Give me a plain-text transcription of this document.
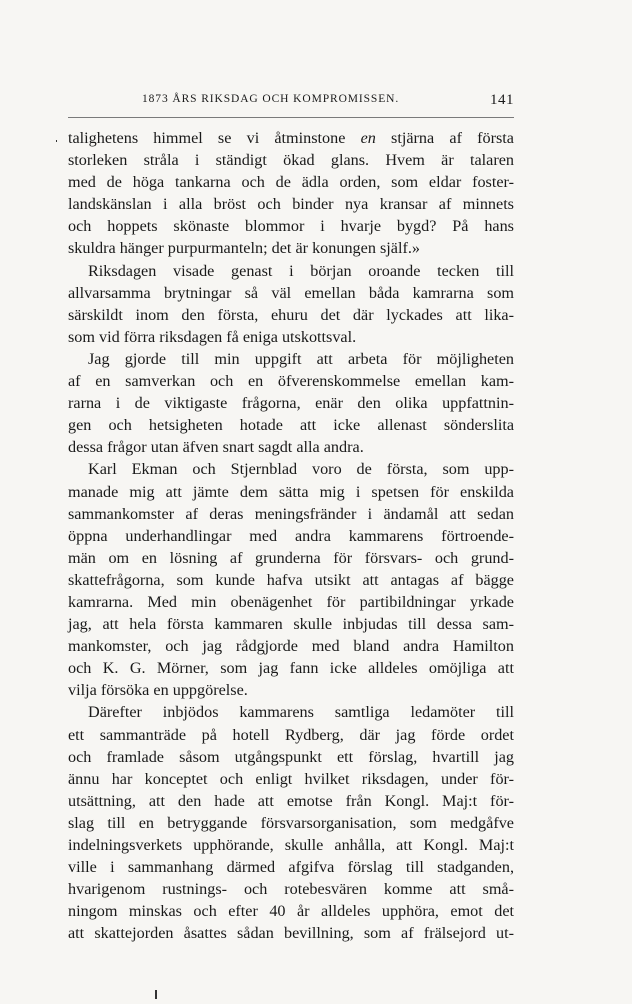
1873 ÅRS RIKSDAG OCH KOMPROMISSEN.	141
talighetens himmel se vi åtminstone en stjärna af första
storleken stråla i ständigt ökad glans. Hvem är talaren
med de höga tankarna och de ädla orden, som eldar foster-
landskänslan i alla bröst och binder nya kransar af minnets
och hoppets skönaste blommor i hvarje bygd? På hans
skuldra hänger purpurmanteln; det är konungen själf.»
Riksdagen visade genast i början oroande tecken till
allvarsamma brytningar så väl emellan båda kamrarna som
särskildt inom den första, ehuru det där lyckades att lika-
som vid förra riksdagen få eniga utskottsval.
Jag gjorde till min uppgift att arbeta för möjligheten
af en samverkan och en öfverenskommelse emellan kam-
rarna i de viktigaste frågorna, enär den olika uppfattnin-
gen och hetsigheten hotade att icke allenast sönderslita
dessa frågor utan äfven snart sagdt alla andra.
Karl Ekman och Stjernblad voro de första, som upp-
manade mig att jämte dem sätta mig i spetsen för enskilda
sammankomster af deras meningsfränder i ändamål att sedan
öppna underhandlingar med andra kammarens förtroende-
män om en lösning af grunderna för försvars- och grund-
skattefrågorna, som kunde hafva utsikt att antagas af bägge
kamrarna. Med min obenägenhet för partibildningar yrkade
jag, att hela första kammaren skulle inbjudas till dessa sam-
mankomster, och jag rådgjorde med bland andra Hamilton
och K. G. Mörner, som jag fann icke alldeles omöjliga att
vilja försöka en uppgörelse.
Därefter inbjödos kammarens samtliga ledamöter till
ett sammanträde på hotell Rydberg, där jag förde ordet
och framlade såsom utgångspunkt ett förslag, hvartill jag
ännu har konceptet och enligt hvilket riksdagen, under för-
utsättning, att den hade att emotse från Kongl. Maj:t för-
slag till en betryggande försvarsorganisation, som medgåfve
indelningsverkets upphörande, skulle anhålla, att Kongl. Maj:t
ville i sammanhang därmed afgifva förslag till stadganden,
hvarigenom rustnings- och rotebesvären komme att små-
ningom minskas och efter 40 år alldeles upphöra, emot det
att skattejorden åsattes sådan bevillning, som af frälsejord ut-
